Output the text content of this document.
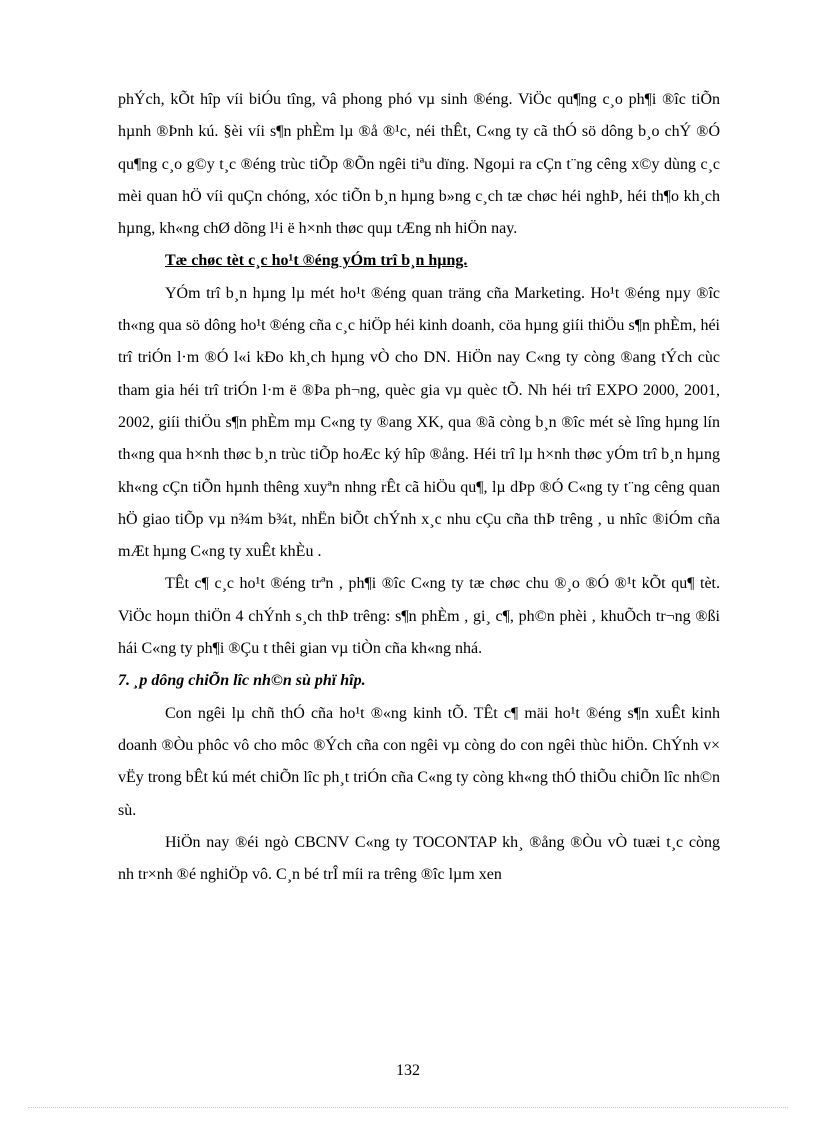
phÝch, kÕt hîp víi biÓu tîng, vâ phong phó vµ sinh ®éng. ViÖc qu¶ng c¸o ph¶i ®îc tiÕn hµnh ®Þnh kú. §èi víi s¶n phÈm lµ ®å ®¹c, néi thÊt, C«ng ty cã thÓ sö dông b¸o chÝ ®Ó qu¶ng c¸o g©y t¸c ®éng trùc tiÕp ®Õn ngêi tiªu dïng. Ngoµi ra cÇn t¨ng cêng x©y dùng c¸c mèi quan hÖ víi quÇn chóng, xóc tiÕn b¸n hµng b»ng c¸ch tæ chøc héi nghÞ, héi th¶o kh¸ch hµng, kh«ng chØ dõng l¹i ë h×nh thøc quµ tÆng nh hiÖn nay.

Tæ chøc tèt c¸c ho¹t ®éng yÓm trî b¸n hµng.

YÓm trî b¸n hµng lµ mét ho¹t ®éng quan träng cña Marketing. Ho¹t ®éng nµy ®îc th«ng qua sö dông ho¹t ®éng cña c¸c hiÖp héi kinh doanh, cöa hµng giíi thiÖu s¶n phÈm, héi trî triÓn l·m ®Ó l«i kÐo kh¸ch hµng vÒ cho DN. HiÖn nay C«ng ty còng ®ang tÝch cùc tham gia héi trî triÓn l·m ë ®Þa ph¬ng, quèc gia vµ quèc tÕ. Nh héi trî EXPO 2000, 2001, 2002, giíi thiÖu s¶n phÈm mµ C«ng ty ®ang XK, qua ®ã còng b¸n ®îc mét sè lîng hµng lín th«ng qua h×nh thøc b¸n trùc tiÕp hoÆc ký hîp ®ång. Héi trî lµ h×nh thøc yÓm trî b¸n hµng kh«ng cÇn tiÕn hµnh thêng xuyªn nhng rÊt cã hiÖu qu¶, lµ dÞp ®Ó C«ng ty t¨ng cêng quan hÖ giao tiÕp vµ n¾m b¾t, nhËn biÕt chÝnh x¸c nhu cÇu cña thÞ trêng , u nhîc ®iÓm cña mÆt hµng C«ng ty xuÊt khÈu .

TÊt c¶ c¸c ho¹t ®éng trªn , ph¶i ®îc C«ng ty tæ chøc chu ®¸o ®Ó ®¹t kÕt qu¶ tèt. ViÖc hoµn thiÖn 4 chÝnh s¸ch thÞ trêng: s¶n phÈm , gi¸ c¶, ph©n phèi , khuÕch tr¬ng ®ßi hái C«ng ty ph¶i ®Çu t thêi gian vµ tiÒn cña kh«ng nhá.

7. ¸p dông chiÕn lîc nh©n sù phï hîp.

Con ngêi lµ chñ thÓ cña ho¹t ®«ng kinh tÕ. TÊt c¶ mäi ho¹t ®éng s¶n xuÊt kinh doanh ®Òu phôc vô cho môc ®Ých cña con ngêi vµ còng do con ngêi thùc hiÖn. ChÝnh v× vËy trong bÊt kú mét chiÕn lîc ph¸t triÓn cña C«ng ty còng kh«ng thÓ thiÕu chiÕn lîc nh©n sù.

HiÖn nay ®éi ngò CBCNV C«ng ty TOCONTAP kh¸ ®ång ®Òu vÒ tuæi t¸c còng nh tr×nh ®é nghiÖp vô. C¸n bé trÎ míi ra trêng ®îc lµm xen

132
